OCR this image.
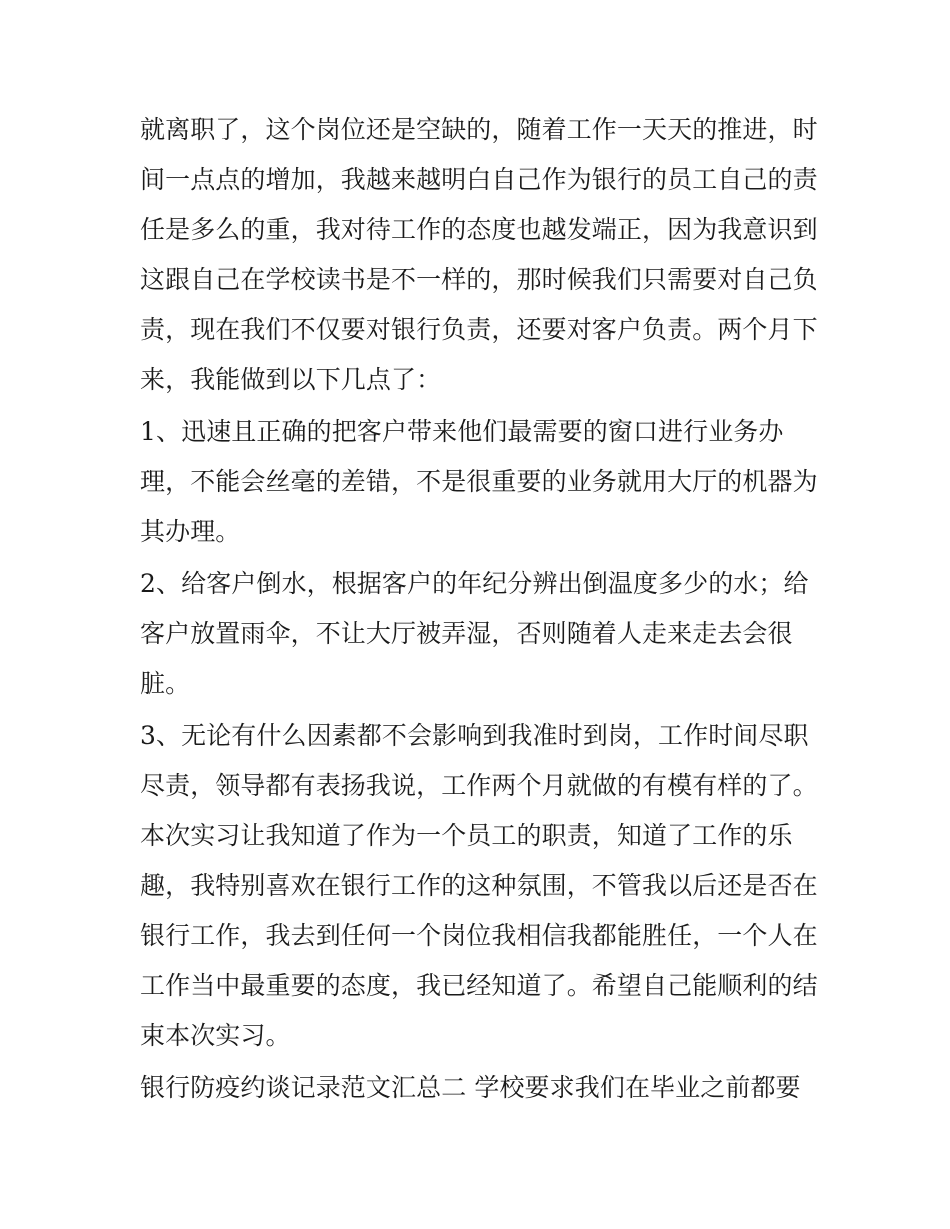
就离职了，这个岗位还是空缺的，随着工作一天天的推进，时
间一点点的增加，我越来越明白自己作为银行的员工自己的责
任是多么的重，我对待工作的态度也越发端正，因为我意识到
这跟自己在学校读书是不一样的，那时候我们只需要对自己负
责，现在我们不仅要对银行负责，还要对客户负责。两个月下
来，我能做到以下几点了：
1、迅速且正确的把客户带来他们最需要的窗口进行业务办
理，不能会丝毫的差错，不是很重要的业务就用大厅的机器为
其办理。
2、给客户倒水，根据客户的年纪分辨出倒温度多少的水；给
客户放置雨伞，不让大厅被弄湿，否则随着人走来走去会很
脏。
3、无论有什么因素都不会影响到我准时到岗，工作时间尽职
尽责，领导都有表扬我说，工作两个月就做的有模有样的了。
本次实习让我知道了作为一个员工的职责，知道了工作的乐
趣，我特别喜欢在银行工作的这种氛围，不管我以后还是否在
银行工作，我去到任何一个岗位我相信我都能胜任，一个人在
工作当中最重要的态度，我已经知道了。希望自己能顺利的结
束本次实习。
银行防疫约谈记录范文汇总二 学校要求我们在毕业之前都要
